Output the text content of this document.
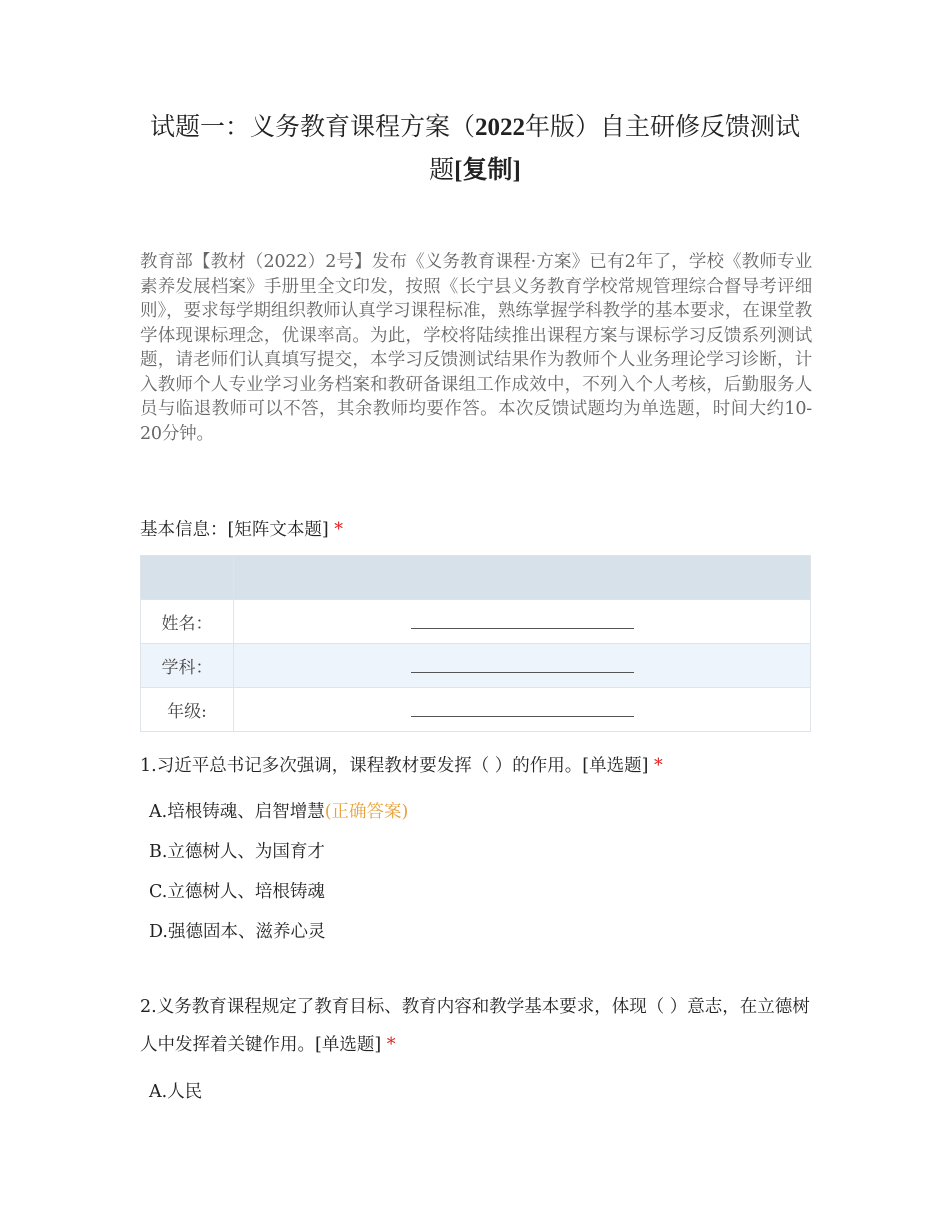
试题一：义务教育课程方案（2022年版）自主研修反馈测试题[复制]
教育部【教材（2022）2号】发布《义务教育课程·方案》已有2年了，学校《教师专业素养发展档案》手册里全文印发，按照《长宁县义务教育学校常规管理综合督导考评细则》，要求每学期组织教师认真学习课程标准，熟练掌握学科教学的基本要求，在课堂教学体现课标理念，优课率高。为此，学校将陆续推出课程方案与课标学习反馈系列测试题，请老师们认真填写提交，本学习反馈测试结果作为教师个人业务理论学习诊断，计入教师个人专业学习业务档案和教研备课组工作成效中，不列入个人考核，后勤服务人员与临退教师可以不答，其余教师均要作答。本次反馈试题均为单选题，时间大约10-20分钟。
基本信息：[矩阵文本题] *

姓名：	

学科：	

年级:	
1.习近平总书记多次强调，课程教材要发挥（ ）的作用。[单选题] *
A.培根铸魂、启智增慧(正确答案)
B.立德树人、为国育才
C.立德树人、培根铸魂
D.强德固本、滋养心灵
2.义务教育课程规定了教育目标、教育内容和教学基本要求，体现（ ）意志，在立德树人中发挥着关键作用。[单选题] *
A.人民
